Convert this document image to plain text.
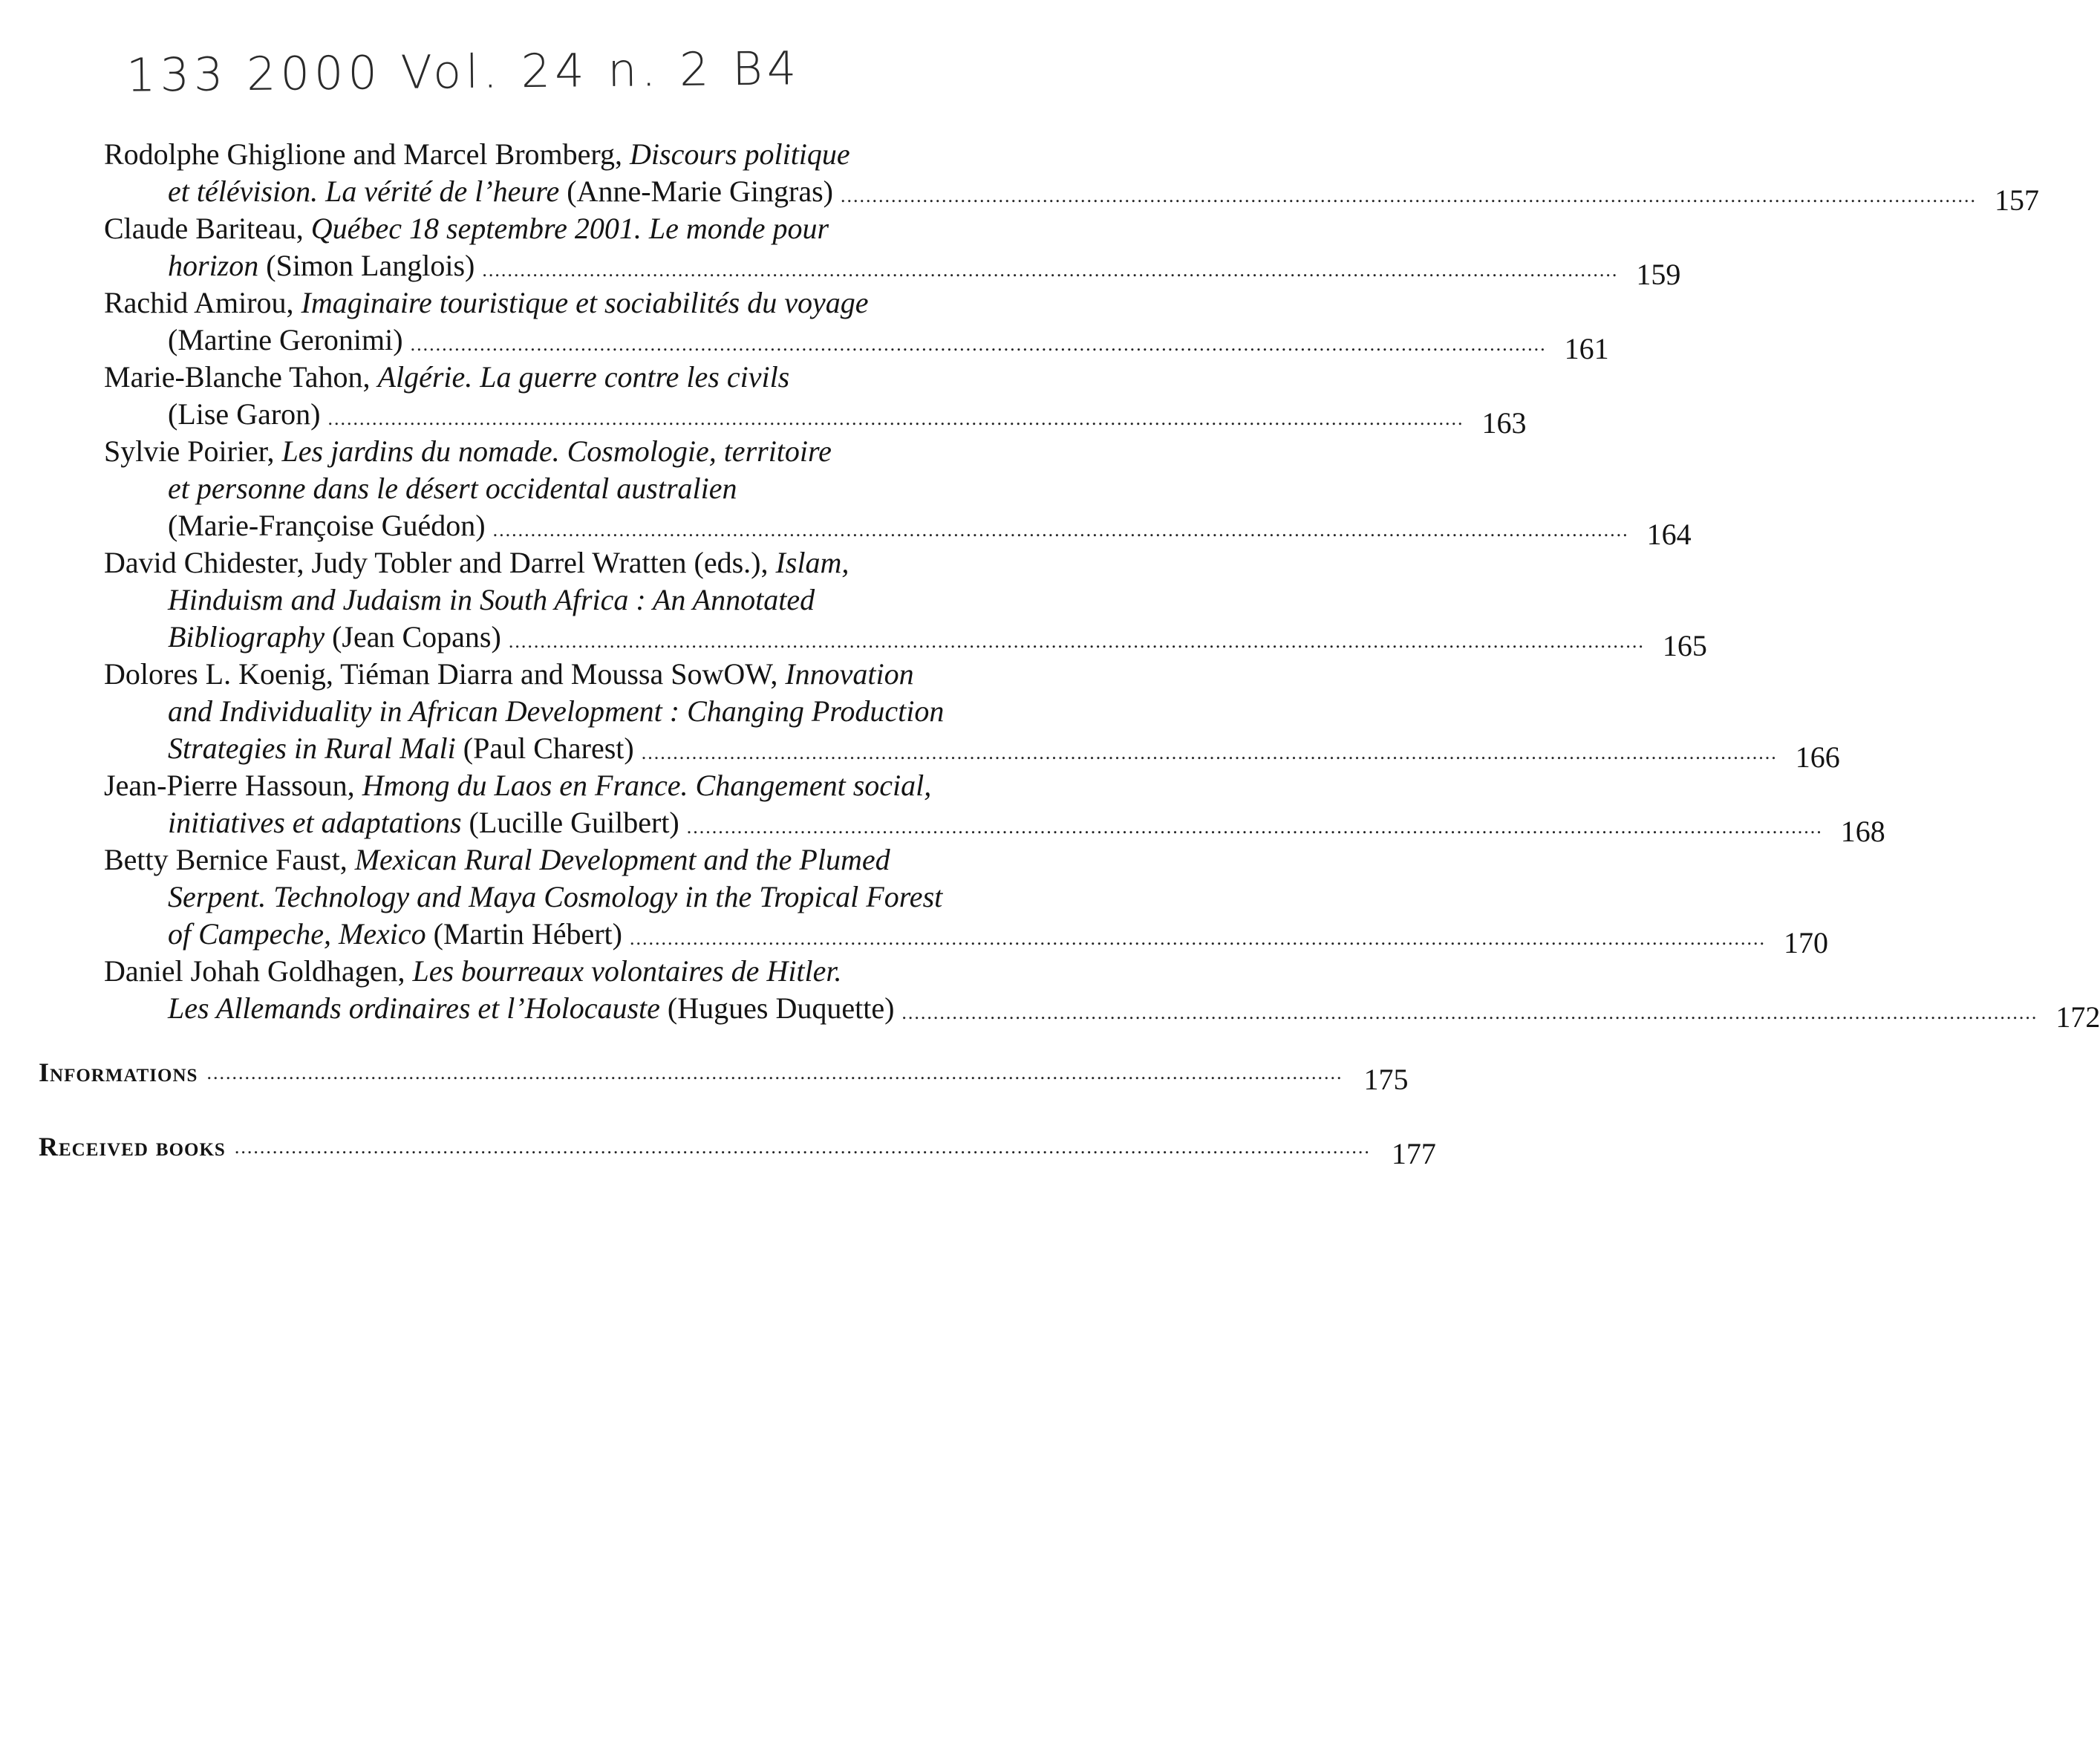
133 2000 Vol. 24 n. 2 B4
Rodolphe Ghiglione and Marcel Bromberg, Discours politique
et télévision. La vérité de l’heure (Anne-Marie Gingras) .................................................................................................................................................................................... 157
Claude Bariteau, Québec 18 septembre 2001. Le monde pour
horizon (Simon Langlois) .................................................................................................................................................................................... 159
Rachid Amirou, Imaginaire touristique et sociabilités du voyage
(Martine Geronimi) .................................................................................................................................................................................... 161
Marie-Blanche Tahon, Algérie. La guerre contre les civils
(Lise Garon) .................................................................................................................................................................................... 163
Sylvie Poirier, Les jardins du nomade. Cosmologie, territoire
et personne dans le désert occidental australien
(Marie-Françoise Guédon) .................................................................................................................................................................................... 164
David Chidester, Judy Tobler and Darrel Wratten (eds.), Islam,
Hinduism and Judaism in South Africa : An Annotated
Bibliography (Jean Copans) .................................................................................................................................................................................... 165
Dolores L. Koenig, Tiéman Diarra and Moussa SowOW, Innovation
and Individuality in African Development : Changing Production
Strategies in Rural Mali (Paul Charest) .................................................................................................................................................................................... 166
Jean-Pierre Hassoun, Hmong du Laos en France. Changement social,
initiatives et adaptations (Lucille Guilbert) .................................................................................................................................................................................... 168
Betty Bernice Faust, Mexican Rural Development and the Plumed
Serpent. Technology and Maya Cosmology in the Tropical Forest
of Campeche, Mexico (Martin Hébert) .................................................................................................................................................................................... 170
Daniel Johah Goldhagen, Les bourreaux volontaires de Hitler.
Les Allemands ordinaires et l’Holocauste (Hugues Duquette) .................................................................................................................................................................................... 172
Informations .................................................................................................................................................................................... 175
Received books .................................................................................................................................................................................... 177
